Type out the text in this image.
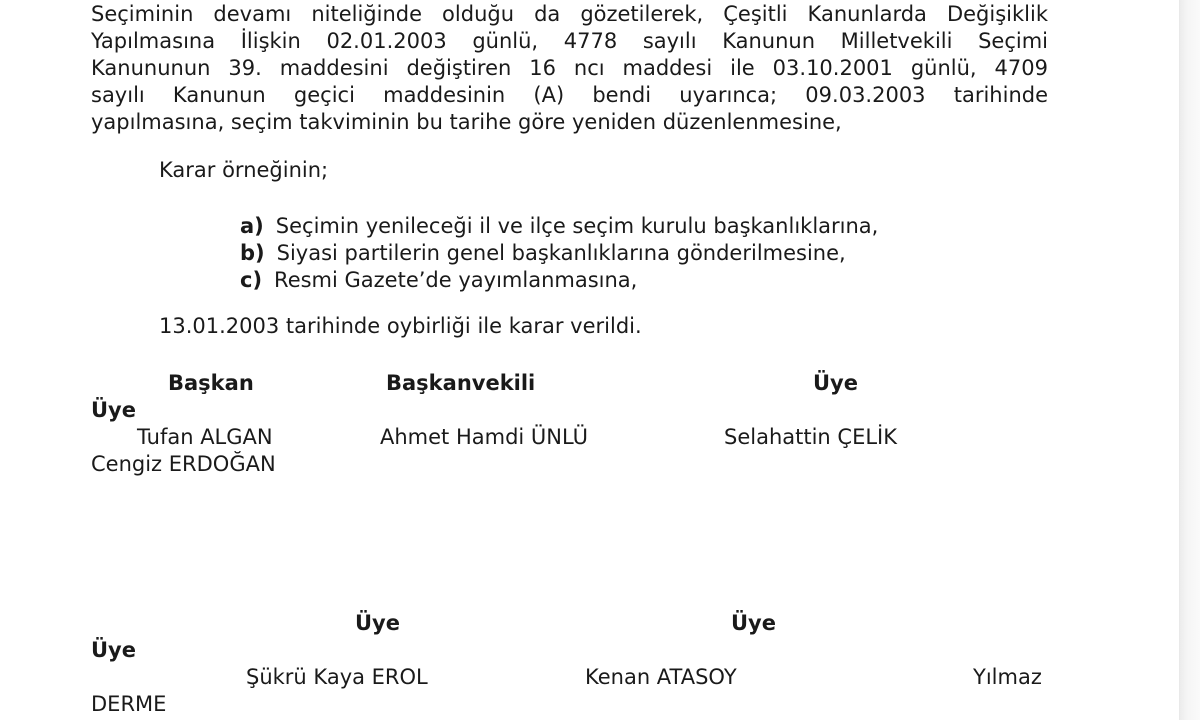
Seçiminin devamı niteliğinde olduğu da gözetilerek, Çeşitli Kanunlarda Değişiklik
Yapılmasına İlişkin 02.01.2003 günlü, 4778 sayılı Kanunun Milletvekili Seçimi
Kanununun 39. maddesini değiştiren 16 ncı maddesi ile 03.10.2001 günlü, 4709
sayılı Kanunun geçici maddesinin (A) bendi uyarınca; 09.03.2003 tarihinde
yapılmasına, seçim takviminin bu tarihe göre yeniden düzenlenmesine,
Karar örneğinin;
a) Seçimin yenileceği il ve ilçe seçim kurulu başkanlıklarına,
b) Siyasi partilerin genel başkanlıklarına gönderilmesine,
c) Resmi Gazete’de yayımlanmasına,
13.01.2003 tarihinde oybirliği ile karar verildi.
Başkan	Başkanvekili	Üye
Üye
Tufan ALGAN	Ahmet Hamdi ÜNLÜ	Selahattin ÇELİK
Cengiz ERDOĞAN
Üye	Üye
Üye
Şükrü Kaya EROL	Kenan ATASOY	Yılmaz
DERME
